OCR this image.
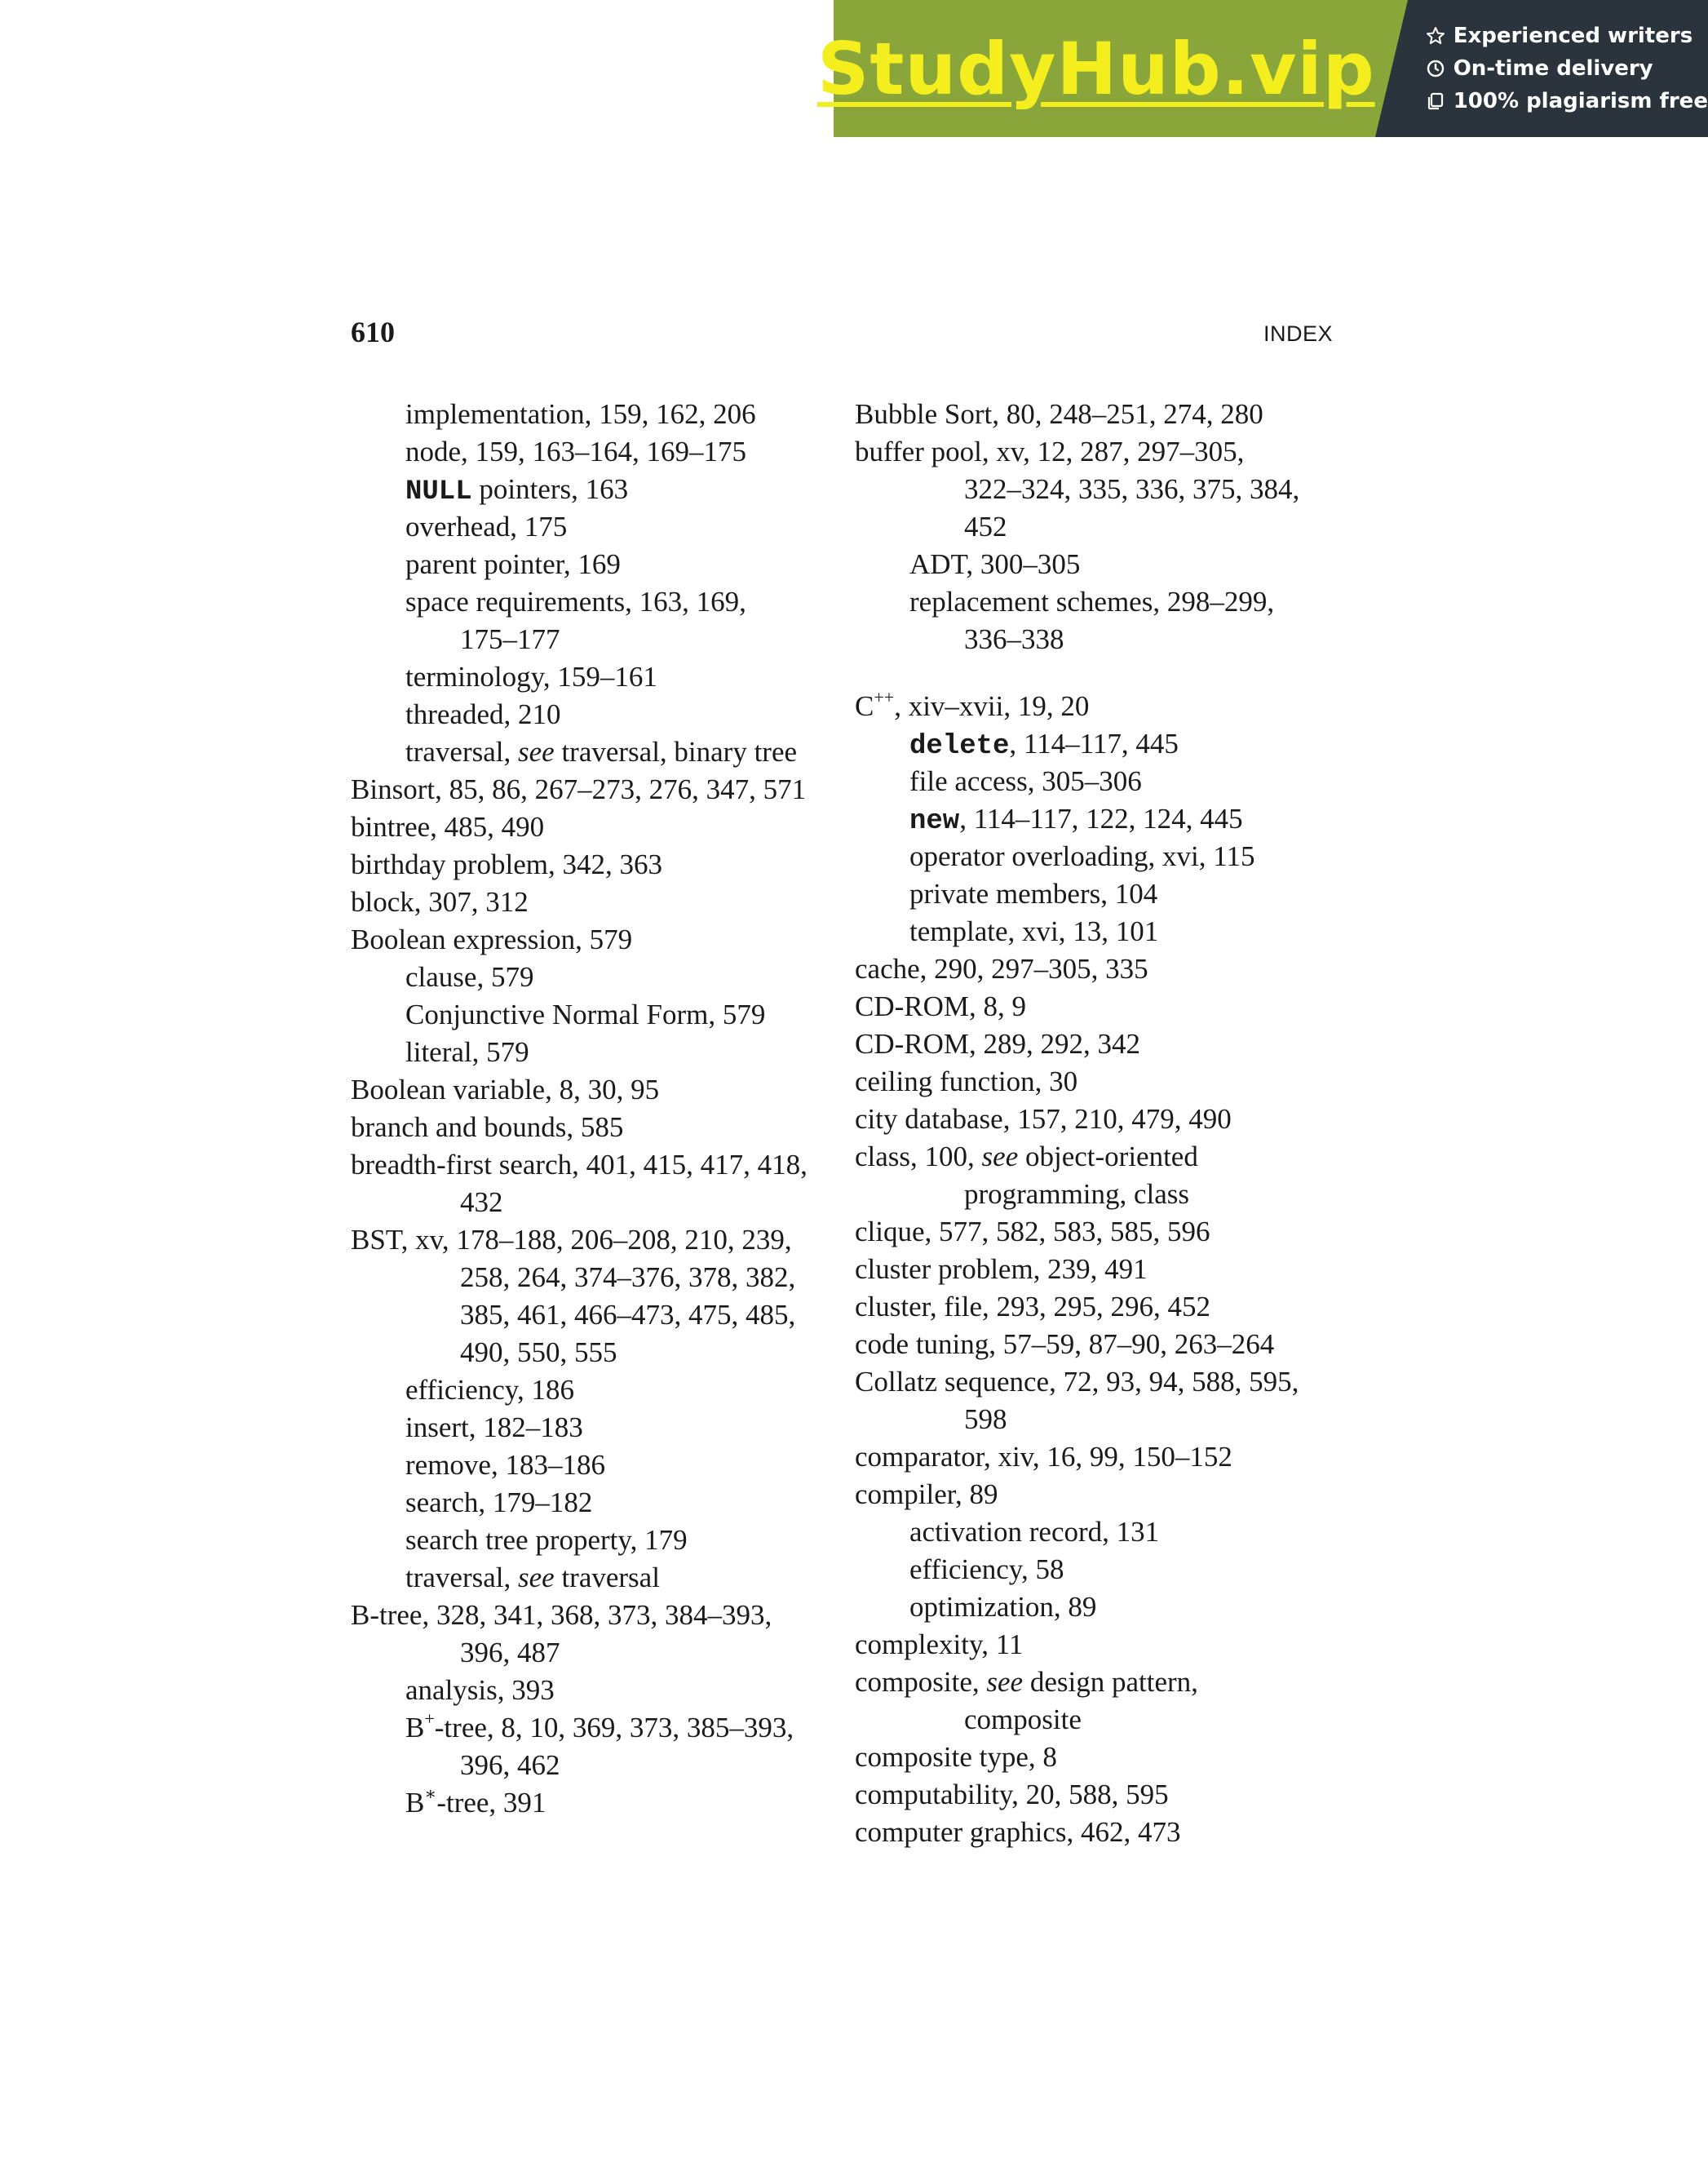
StudyHub.vip	Experienced writers
On-time delivery
100% plagiarism free
610	INDEX
implementation, 159, 162, 206
node, 159, 163–164, 169–175
NULL pointers, 163
overhead, 175
parent pointer, 169
space requirements, 163, 169,
175–177
terminology, 159–161
threaded, 210
traversal, see traversal, binary tree
Binsort, 85, 86, 267–273, 276, 347, 571
bintree, 485, 490
birthday problem, 342, 363
block, 307, 312
Boolean expression, 579
clause, 579
Conjunctive Normal Form, 579
literal, 579
Boolean variable, 8, 30, 95
branch and bounds, 585
breadth-first search, 401, 415, 417, 418,
432
BST, xv, 178–188, 206–208, 210, 239,
258, 264, 374–376, 378, 382,
385, 461, 466–473, 475, 485,
490, 550, 555
efficiency, 186
insert, 182–183
remove, 183–186
search, 179–182
search tree property, 179
traversal, see traversal
B-tree, 328, 341, 368, 373, 384–393,
396, 487
analysis, 393
B+-tree, 8, 10, 369, 373, 385–393,
396, 462
B∗-tree, 391
Bubble Sort, 80, 248–251, 274, 280
buffer pool, xv, 12, 287, 297–305,
322–324, 335, 336, 375, 384,
452
ADT, 300–305
replacement schemes, 298–299,
336–338
C++, xiv–xvii, 19, 20
delete, 114–117, 445
file access, 305–306
new, 114–117, 122, 124, 445
operator overloading, xvi, 115
private members, 104
template, xvi, 13, 101
cache, 290, 297–305, 335
CD-ROM, 8, 9
CD-ROM, 289, 292, 342
ceiling function, 30
city database, 157, 210, 479, 490
class, 100, see object-oriented
programming, class
clique, 577, 582, 583, 585, 596
cluster problem, 239, 491
cluster, file, 293, 295, 296, 452
code tuning, 57–59, 87–90, 263–264
Collatz sequence, 72, 93, 94, 588, 595,
598
comparator, xiv, 16, 99, 150–152
compiler, 89
activation record, 131
efficiency, 58
optimization, 89
complexity, 11
composite, see design pattern,
composite
composite type, 8
computability, 20, 588, 595
computer graphics, 462, 473
